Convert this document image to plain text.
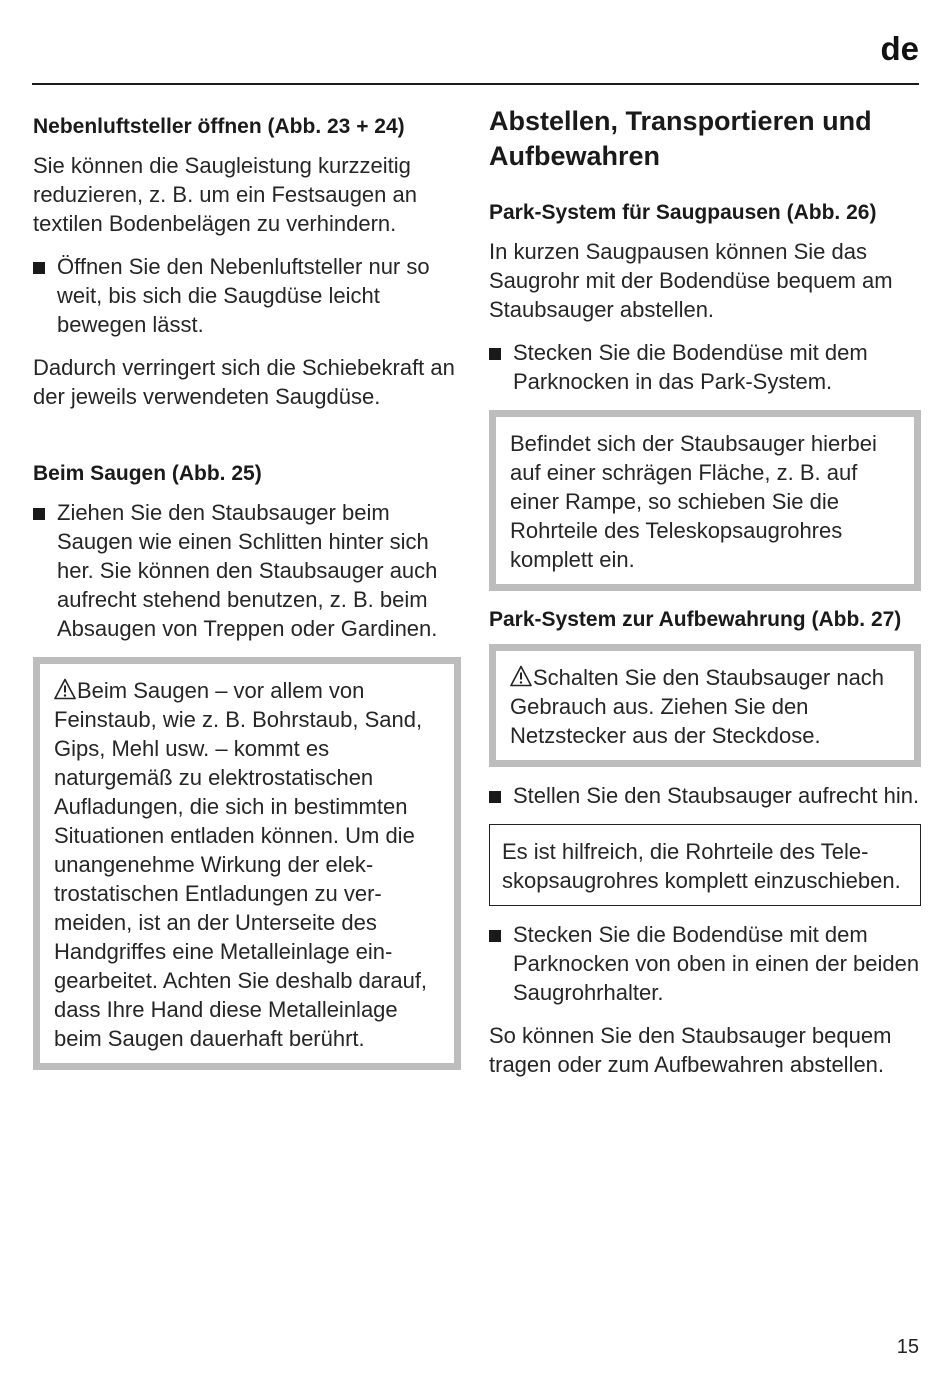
de
Nebenluftsteller öffnen (Abb. 23 + 24)
Sie können die Saugleistung kurzzeitig reduzieren, z. B. um ein Festsaugen an textilen Bodenbelägen zu verhindern.
Öffnen Sie den Nebenluftsteller nur so weit, bis sich die Saugdüse leicht bewegen lässt.
Dadurch verringert sich die Schiebekraft an der jeweils verwendeten Saugdüse.
Beim Saugen (Abb. 25)
Ziehen Sie den Staubsauger beim Saugen wie einen Schlitten hinter sich her. Sie können den Staubsauger auch aufrecht stehend benutzen, z. B. beim Absaugen von Treppen oder Gardinen.
Beim Saugen – vor allem von Feinstaub, wie z. B. Bohrstaub, Sand, Gips, Mehl usw. – kommt es naturgemäß zu elektrostatischen Aufladungen, die sich in bestimmten Situationen entladen können. Um die unangenehme Wirkung der elektrostatischen Entladungen zu vermeiden, ist an der Unterseite des Handgriffes eine Metalleinlage eingearbeitet. Achten Sie deshalb darauf, dass Ihre Hand diese Metalleinlage beim Saugen dauerhaft berührt.
Abstellen, Transportieren und Aufbewahren
Park-System für Saugpausen (Abb. 26)
In kurzen Saugpausen können Sie das Saugrohr mit der Bodendüse bequem am Staubsauger abstellen.
Stecken Sie die Bodendüse mit dem Parknocken in das Park-System.
Befindet sich der Staubsauger hierbei auf einer schrägen Fläche, z. B. auf einer Rampe, so schieben Sie die Rohrteile des Teleskopsaugrohres komplett ein.
Park-System zur Aufbewahrung (Abb. 27)
Schalten Sie den Staubsauger nach Gebrauch aus. Ziehen Sie den Netzstecker aus der Steckdose.
Stellen Sie den Staubsauger aufrecht hin.
Es ist hilfreich, die Rohrteile des Teleskopsaugrohres komplett einzuschieben.
Stecken Sie die Bodendüse mit dem Parknocken von oben in einen der beiden Saugrohrhalter.
So können Sie den Staubsauger bequem tragen oder zum Aufbewahren abstellen.
15
